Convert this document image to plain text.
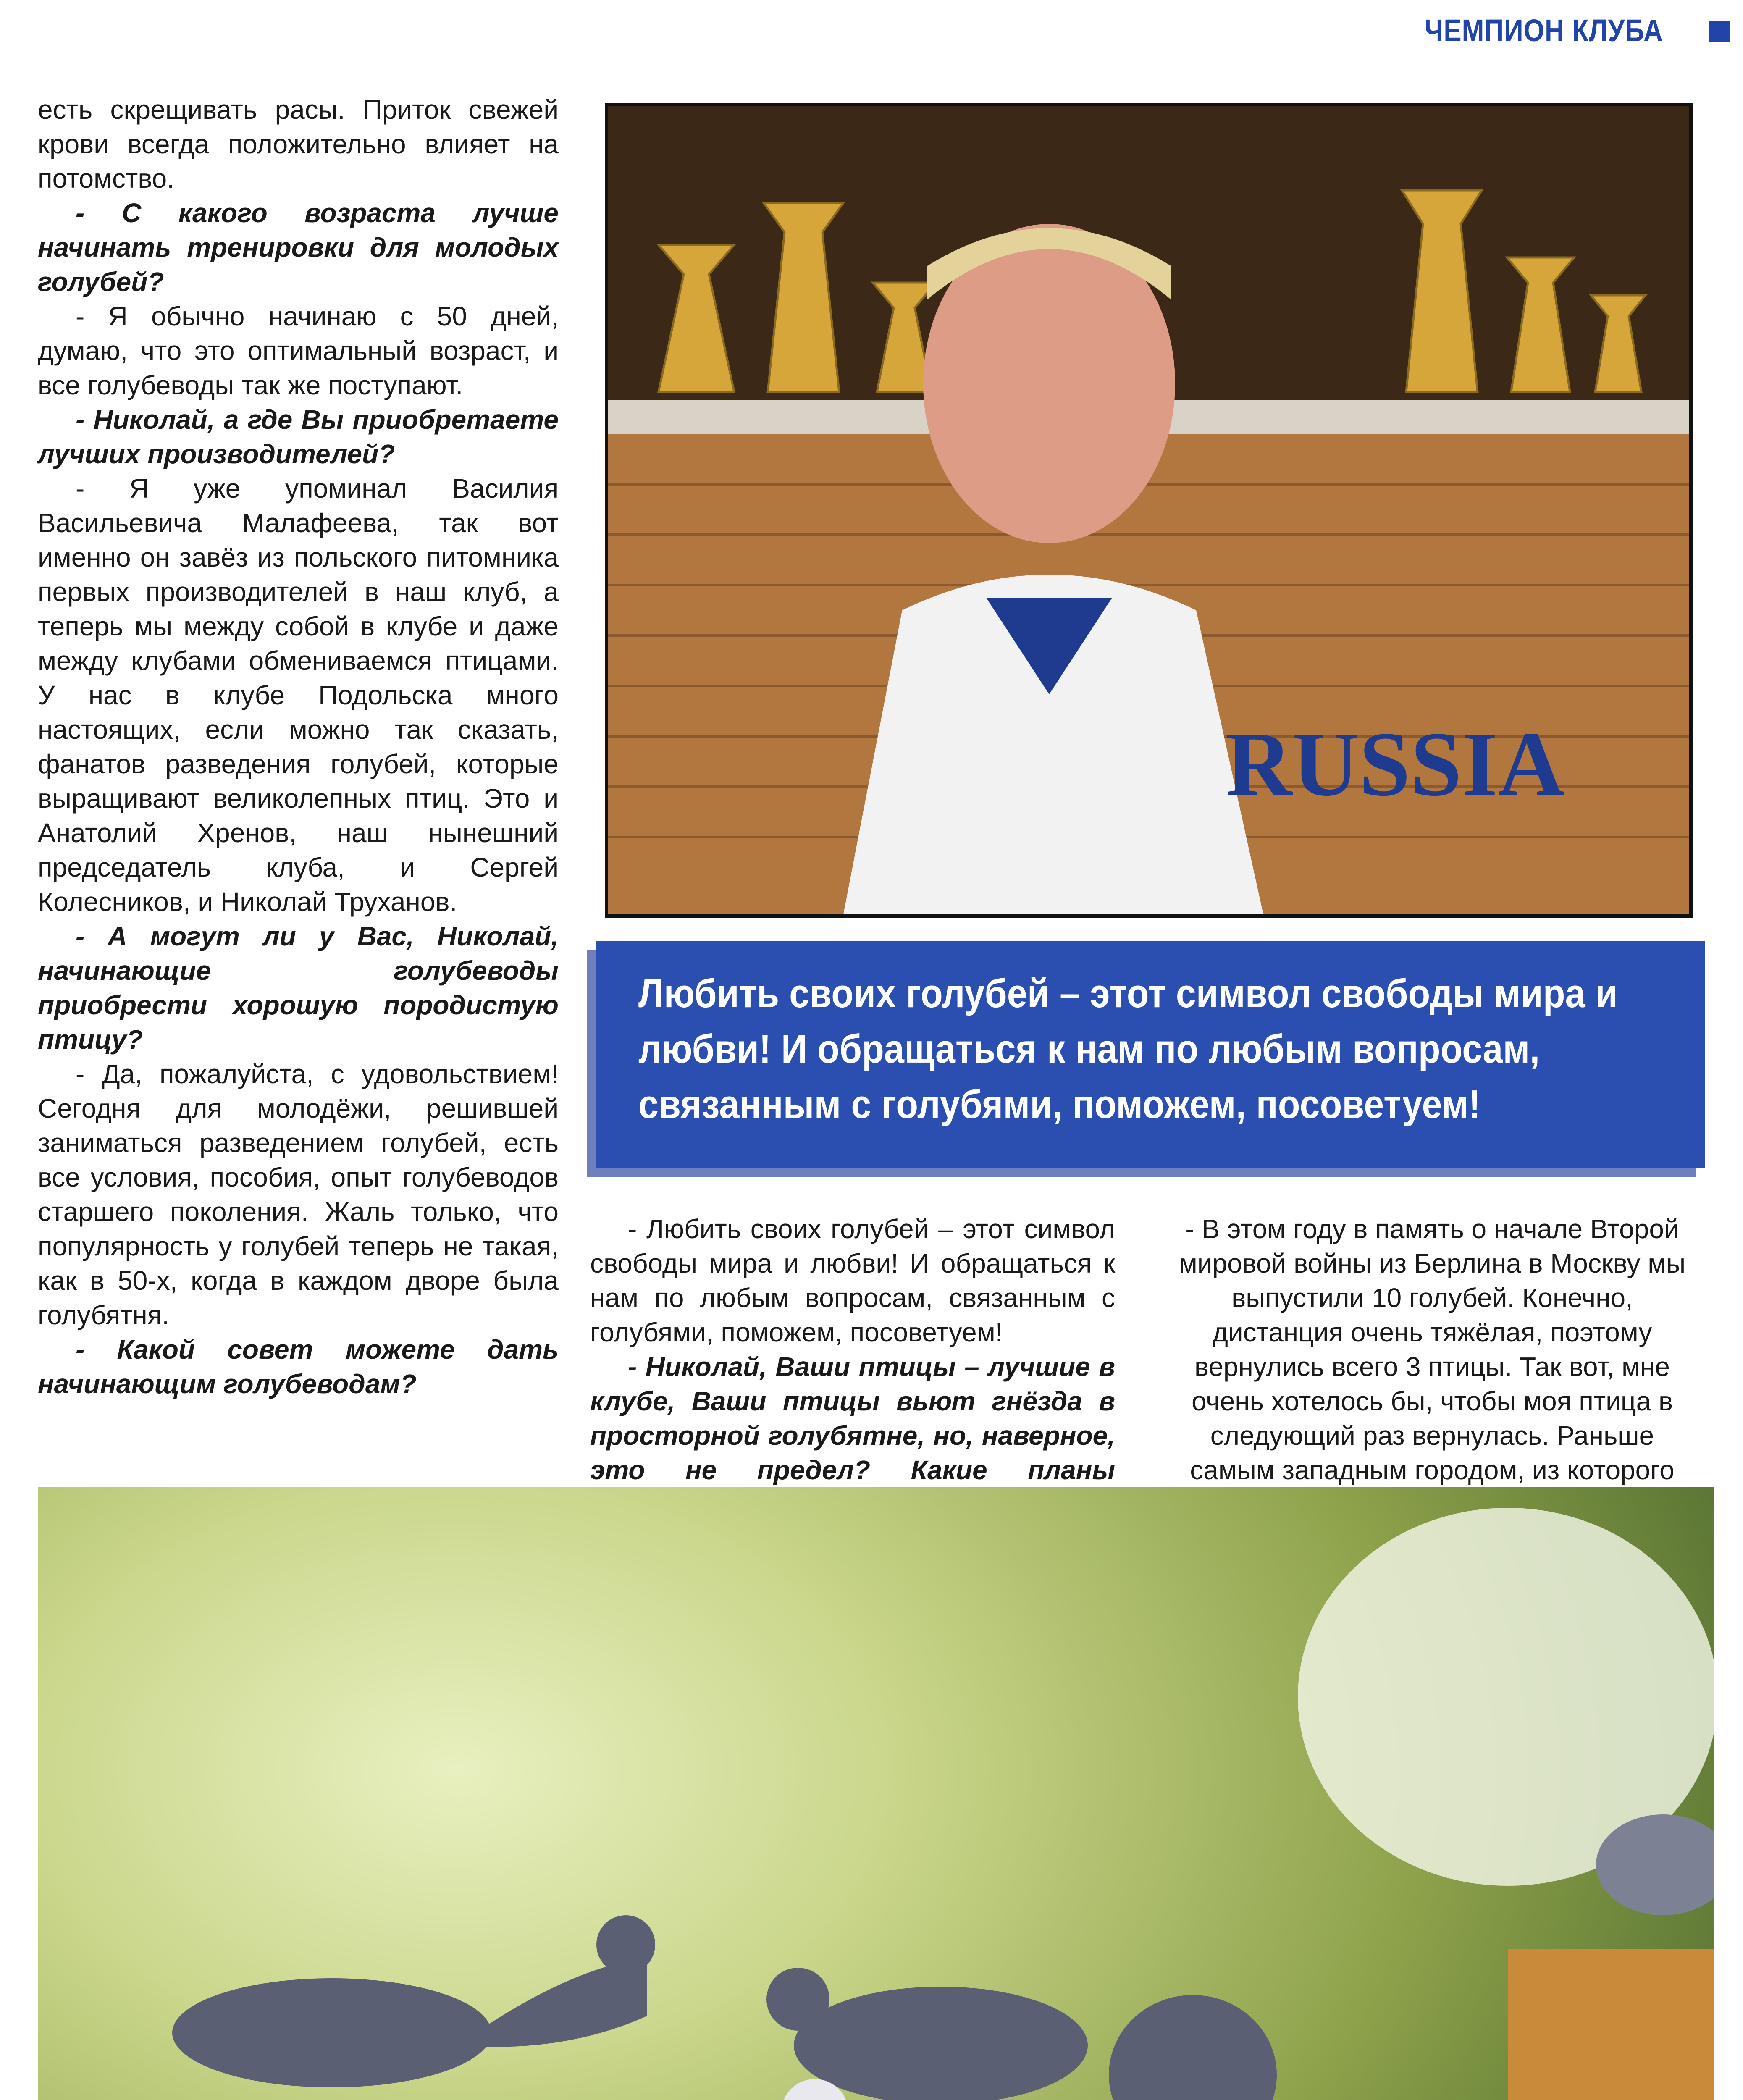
ЧЕМПИОН КЛУБА

есть скрещивать расы. Приток свежей крови всегда положительно влияет на потомство.

- С какого возраста лучше начинать тренировки для молодых голубей?

- Я обычно начинаю с 50 дней, думаю, что это оптимальный возраст, и все голубеводы так же поступают.

- Николай, а где Вы приобретаете лучших производителей?

- Я уже упоминал Василия Васильевича Малафеева, так вот именно он завёз из польского питомника первых производителей в наш клуб, а теперь мы между собой в клубе и даже между клубами обмениваемся птицами. У нас в клубе Подольска много настоящих, если можно так сказать, фанатов разведения голубей, которые выращивают великолепных птиц. Это и Анатолий Хренов, наш нынешний председатель клуба, и Сергей Колесников, и Николай Труханов.

- А могут ли у Вас, Николай, начинающие голубеводы приобрести хорошую породистую птицу?

- Да, пожалуйста, с удовольствием! Сегодня для молодёжи, решившей заниматься разведением голубей, есть все условия, пособия, опыт голубеводов старшего поколения. Жаль только, что популярность у голубей теперь не такая, как в 50-х, когда в каждом дворе была голубятня.

- Какой совет можете дать начинающим голубеводам?

RUSSIA
Любить своих голубей – этот символ свободы мира и любви! И обращаться к нам по любым вопросам, связанным с голубями, поможем, посоветуем!

- Любить своих голубей – этот символ свободы мира и любви! И обращаться к нам по любым вопросам, связанным с голубями, поможем, посоветуем!

- Николай, Ваши птицы – лучшие в клубе, Ваши птицы вьют гнёзда в просторной голубятне, но, наверное, это не предел? Какие планы

- В этом году в память о начале Второй мировой войны из Берлина в Москву мы выпустили 10 голубей. Конечно, дистанция очень тяжёлая, поэтому вернулись всего 3 птицы. Так вот, мне очень хотелось бы, чтобы моя птица в следующий раз вернулась. Раньше самым западным городом, из которого
